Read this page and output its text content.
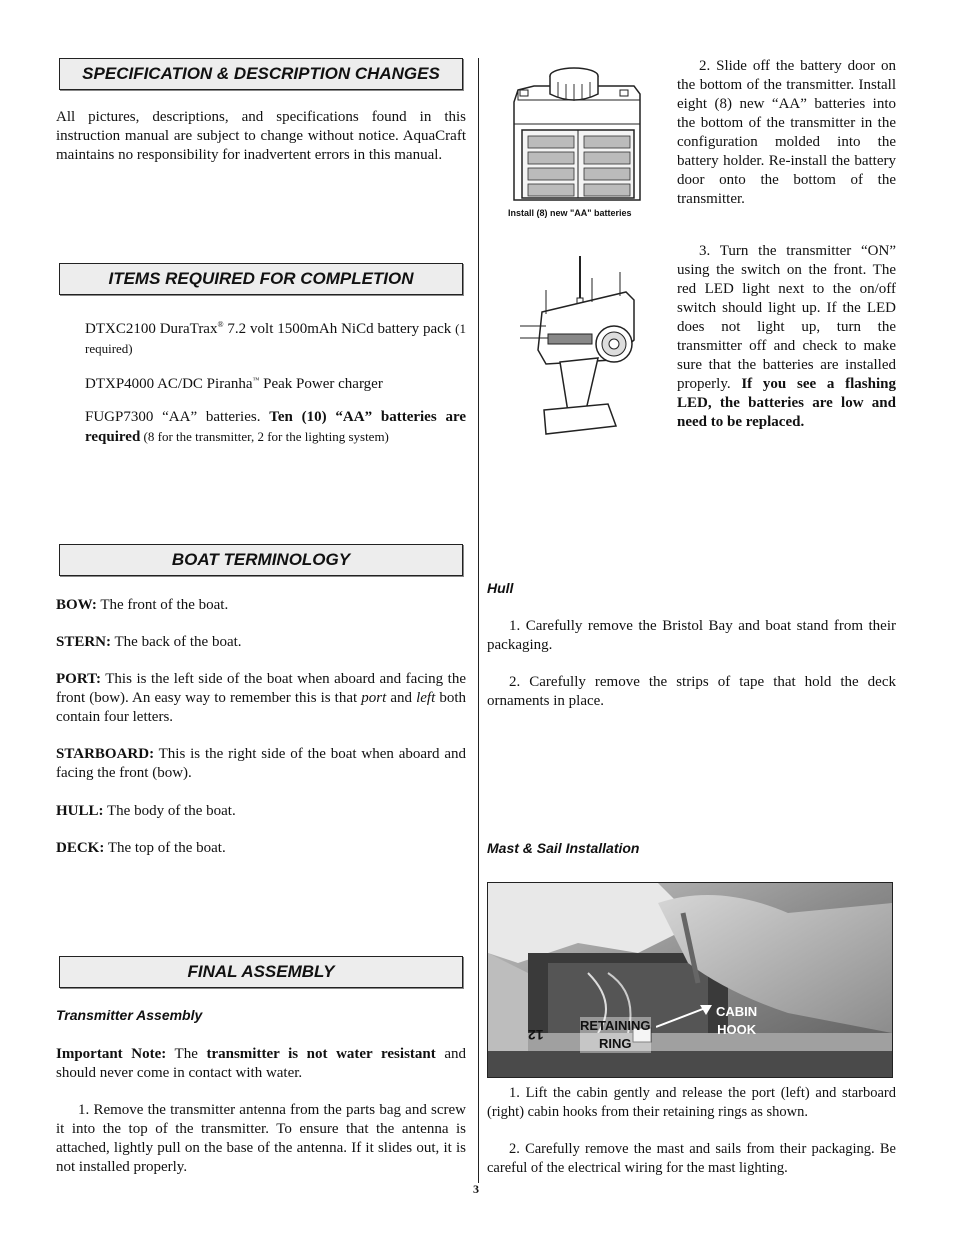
SPECIFICATION & DESCRIPTION CHANGES

All pictures, descriptions, and specifications found in this instruction manual are subject to change without notice. AquaCraft maintains no responsibility for inadvertent errors in this manual.

ITEMS REQUIRED FOR COMPLETION

DTXC2100 DuraTrax® 7.2 volt 1500mAh NiCd battery pack (1 required)

DTXP4000 AC/DC Piranha™ Peak Power charger

FUGP7300 “AA” batteries. Ten (10) “AA” batteries are required (8 for the transmitter, 2 for the lighting system)

BOAT TERMINOLOGY

BOW: The front of the boat.

STERN: The back of the boat.

PORT: This is the left side of the boat when aboard and facing the front (bow). An easy way to remember this is that port and left both contain four letters.

STARBOARD: This is the right side of the boat when aboard and facing the front (bow).

HULL: The body of the boat.

DECK: The top of the boat.

FINAL ASSEMBLY

Transmitter Assembly

Important Note: The transmitter is not water resistant and should never come in contact with water.

1. Remove the transmitter antenna from the parts bag and screw it into the top of the transmitter. To ensure that the antenna is attached, lightly pull on the base of the antenna. If it slides out, it is not installed properly.

Install (8) new "AA" batteries

2. Slide off the battery door on the bottom of the transmitter. Install eight (8) new “AA” batteries into the bottom of the transmitter in the configuration molded into the battery holder. Re-install the battery door onto the bottom of the transmitter.

3. Turn the transmitter “ON” using the switch on the front. The red LED light next to the on/off switch should light up. If the LED does not light up, turn the transmitter off and check to make sure that the batteries are installed properly. If you see a flashing LED, the batteries are low and need to be replaced.

Hull

1. Carefully remove the Bristol Bay and boat stand from their packaging.

2. Carefully remove the strips of tape that hold the deck ornaments in place.

Mast & Sail Installation

RETAINING
RING
CABIN
HOOK
12

1. Lift the cabin gently and release the port (left) and starboard (right) cabin hooks from their retaining rings as shown.

2. Carefully remove the mast and sails from their packaging. Be careful of the electrical wiring for the mast lighting.

3
